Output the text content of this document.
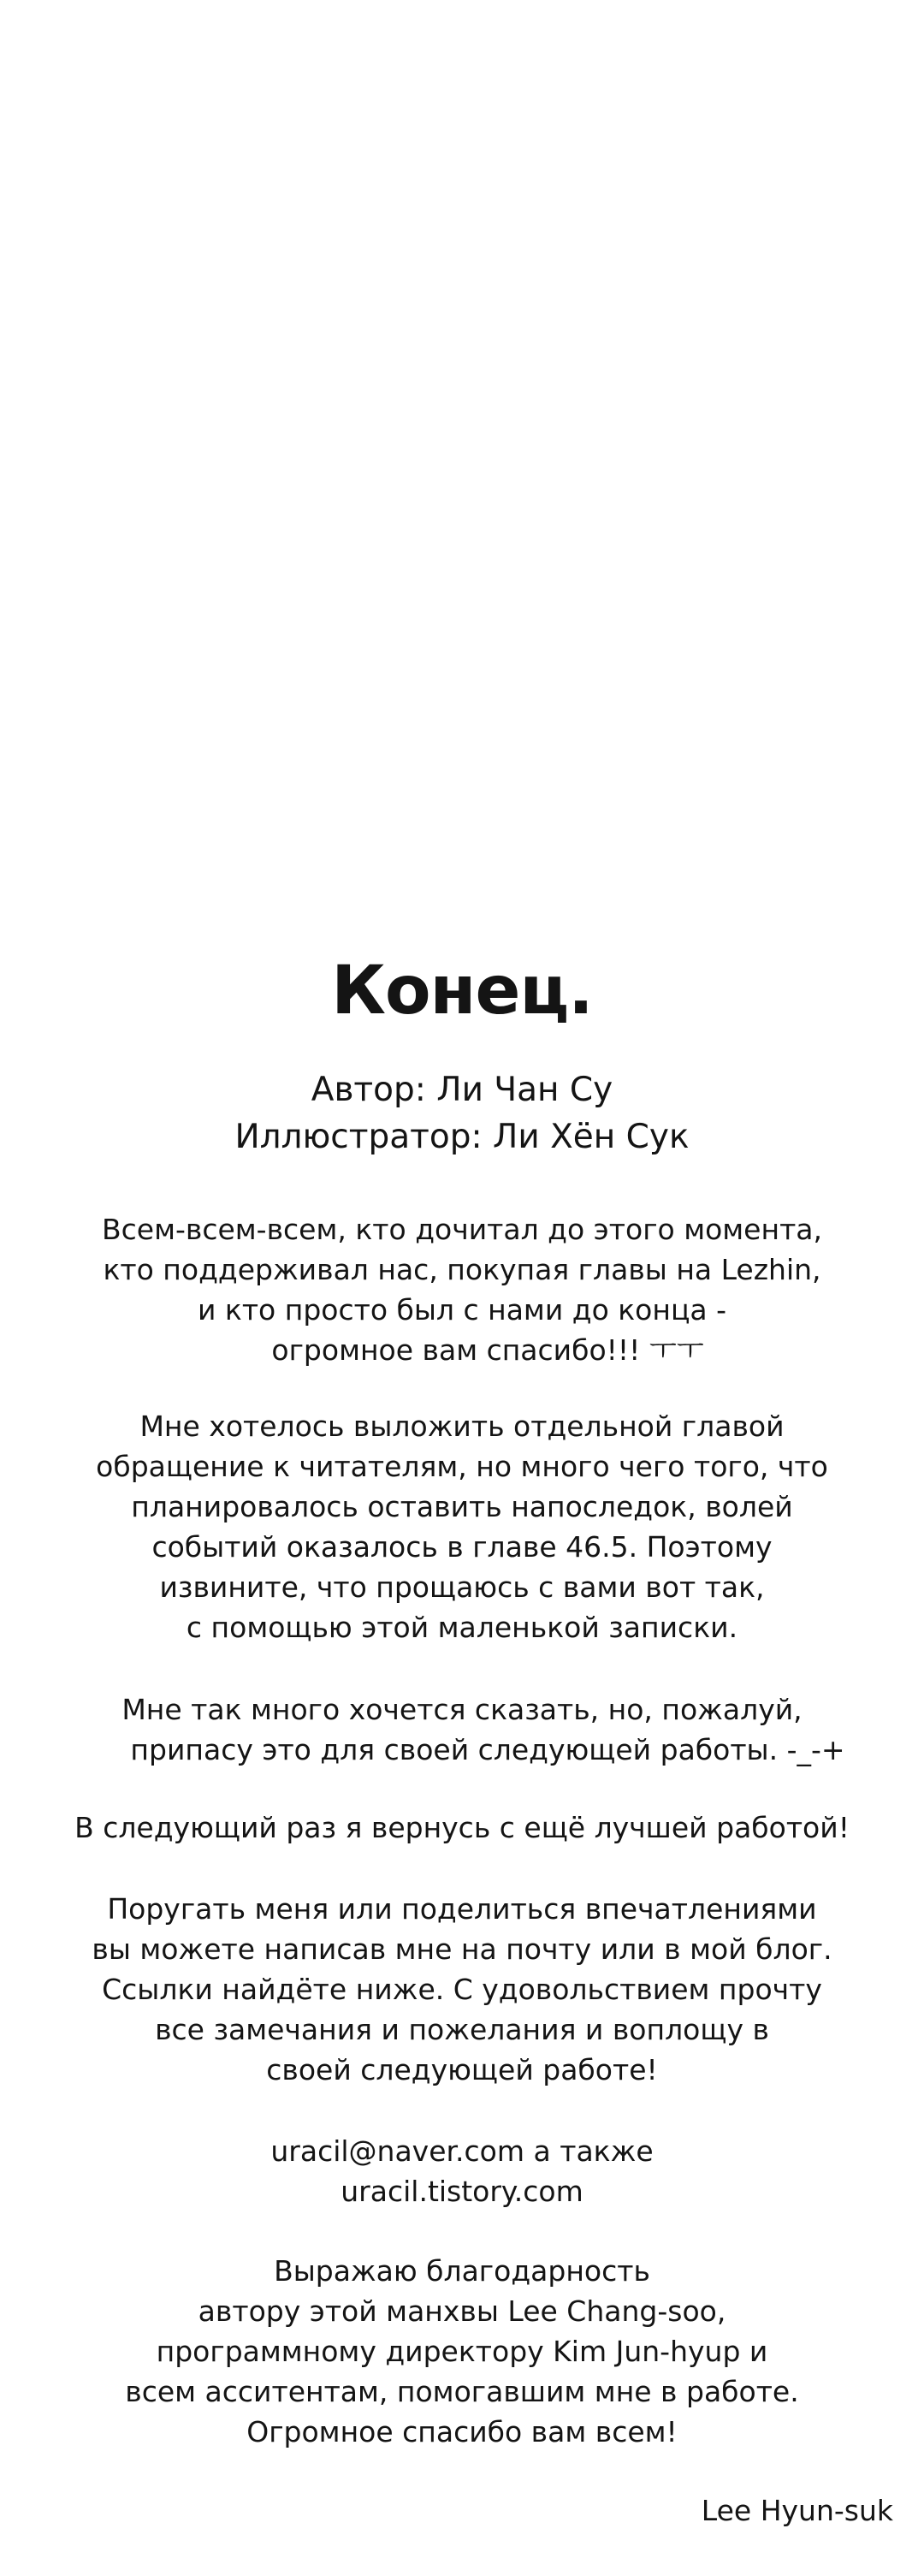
Конец.
Автор: Ли Чан Су
Иллюстратор: Ли Хён Сук
Всем-всем-всем, кто дочитал до этого момента,
кто поддерживал нас, покупая главы на Lezhin,
и кто просто был с нами до конца -
огромное вам спасибо!!! ㅜㅜ
Мне хотелось выложить отдельной главой
обращение к читателям, но много чего того, что
планировалось оставить напоследок, волей
событий оказалось в главе 46.5. Поэтому
извините, что прощаюсь с вами вот так,
с помощью этой маленькой записки.
Мне так много хочется сказать, но, пожалуй,
припасу это для своей следующей работы. -_-+
В следующий раз я вернусь с ещё лучшей работой!
Поругать меня или поделиться впечатлениями
вы можете написав мне на почту или в мой блог.
Ссылки найдёте ниже. С удовольствием прочту
все замечания и пожелания и воплощу в
своей следующей работе!
uracil@naver.com а также
uracil.tistory.com
Выражаю благодарность
автору этой манхвы Lee Chang-soo,
программному директору Kim Jun-hyup и
всем асситентам, помогавшим мне в работе.
Огромное спасибо вам всем!
Lee Hyun-suk
